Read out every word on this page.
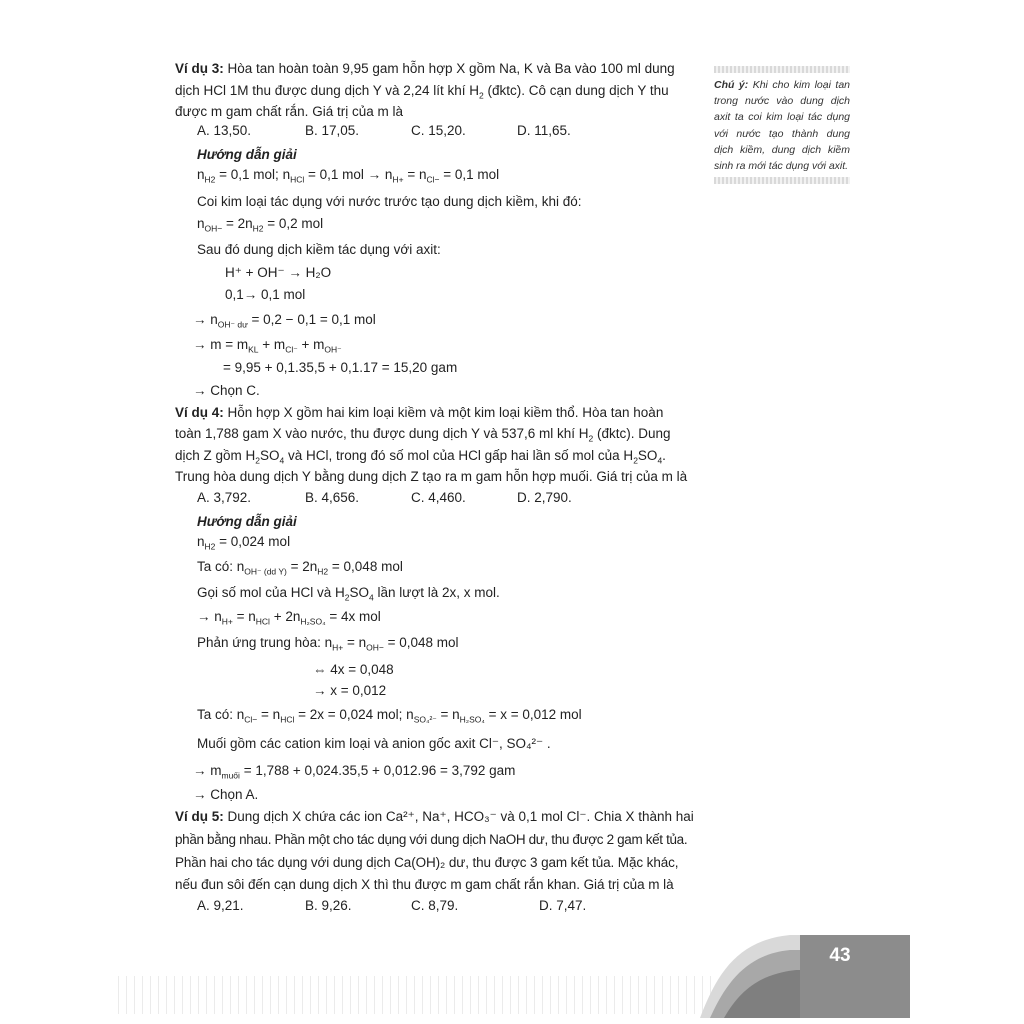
Chú ý: Khi cho kim loại tan trong nước vào dung dịch axit ta coi kim loại tác dụng với nước tạo thành dung dịch kiềm, dung dịch kiềm sinh ra mới tác dụng với axit.
Ví dụ 3: Hòa tan hoàn toàn 9,95 gam hỗn hợp X gồm Na, K và Ba vào 100 ml dung
dịch HCl 1M thu được dung dịch Y và 2,24 lít khí $H_2$ (đktc). Cô cạn dung dịch Y thu
được m gam chất rắn. Giá trị của m là
A. 13,50.	B. 17,05.	C. 15,20.	D. 11,65.
Hướng dẫn giải
$n_{H2} = 0,1$ mol; $n_{HCl} = 0,1$ mol → $n_{H+} = n_{Cl-} = 0,1$ mol
Coi kim loại tác dụng với nước trước tạo dung dịch kiềm, khi đó:
$n_{OH-} = 2n_{H2} = 0,2$ mol
Sau đó dung dịch kiềm tác dụng với axit:
H⁺ + OH⁻ → H₂O
0,1→ 0,1 mol
→ $n_{OH^- dư} = 0,2 - 0,1 = 0,1$ mol
→ $m = m_{KL} + m_{Cl^-} + m_{OH^-}$
= 9,95 + 0,1.35,5 + 0,1.17 = 15,20 gam
→ Chọn C.
Ví dụ 4: Hỗn hợp X gồm hai kim loại kiềm và một kim loại kiềm thổ. Hòa tan hoàn
toàn 1,788 gam X vào nước, thu được dung dịch Y và 537,6 ml khí $H_2$ (đktc). Dung
dịch Z gồm $H_2SO_4$ và HCl, trong đó số mol của HCl gấp hai lần số mol của $H_2SO_4$.
Trung hòa dung dịch Y bằng dung dịch Z tạo ra m gam hỗn hợp muối. Giá trị của m là
A. 3,792.	B. 4,656.	C. 4,460.	D. 2,790.
Hướng dẫn giải
$n_{H2} = 0,024$ mol
Ta có: $n_{OH^- (dd Y)} = 2n_{H2} = 0,048$ mol
Gọi số mol của HCl và $H_2SO_4$ lần lượt là 2x, x mol.
→ $n_{H+} = n_{HCl} + 2n_{H_2SO_4} = 4x$ mol
Phản ứng trung hòa: $n_{H+} = n_{OH-} = 0,048$ mol
⇔ 4x = 0,048
→ x = 0,012
Ta có: $n_{Cl-} = n_{HCl} = 2x = 0,024$ mol; $n_{SO_4^{2-}} = n_{H_2SO_4} = x = 0,012$ mol
Muối gồm các cation kim loại và anion gốc axit Cl⁻, SO₄²⁻ .
→ $m_{muối} = 1,788 + 0,024.35,5 + 0,012.96 = 3,792$ gam
→ Chọn A.
Ví dụ 5: Dung dịch X chứa các ion Ca²⁺, Na⁺, HCO₃⁻ và 0,1 mol Cl⁻. Chia X thành hai
phần bằng nhau. Phần một cho tác dụng với dung dịch NaOH dư, thu được 2 gam kết tủa.
Phần hai cho tác dụng với dung dịch Ca(OH)₂ dư, thu được 3 gam kết tủa. Mặc khác,
nếu đun sôi đến cạn dung dịch X thì thu được m gam chất rắn khan. Giá trị của m là
A. 9,21.	B. 9,26.	C. 8,79.	D. 7,47.
43
